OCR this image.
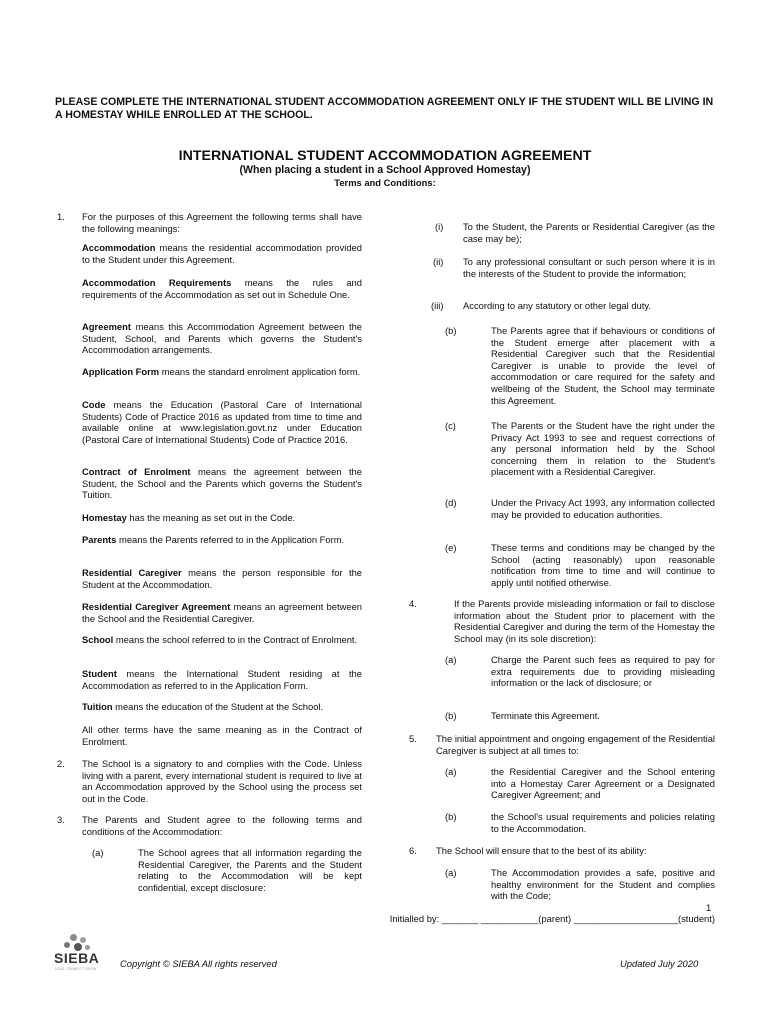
PLEASE COMPLETE THE INTERNATIONAL STUDENT ACCOMMODATION AGREEMENT ONLY IF THE STUDENT WILL BE LIVING IN A HOMESTAY WHILE ENROLLED AT THE SCHOOL.
INTERNATIONAL STUDENT ACCOMMODATION AGREEMENT
(When placing a student in a School Approved Homestay)
Terms and Conditions:
1. For the purposes of this Agreement the following terms shall have the following meanings:
Accommodation means the residential accommodation provided to the Student under this Agreement.
Accommodation Requirements means the rules and requirements of the Accommodation as set out in Schedule One.
Agreement means this Accommodation Agreement between the Student, School, and Parents which governs the Student's Accommodation arrangements.
Application Form means the standard enrolment application form.
Code means the Education (Pastoral Care of International Students) Code of Practice 2016 as updated from time to time and available online at www.legislation.govt.nz under Education (Pastoral Care of International Students) Code of Practice 2016.
Contract of Enrolment means the agreement between the Student, the School and the Parents which governs the Student's Tuition.
Homestay has the meaning as set out in the Code.
Parents means the Parents referred to in the Application Form.
Residential Caregiver means the person responsible for the Student at the Accommodation.
Residential Caregiver Agreement means an agreement between the School and the Residential Caregiver.
School means the school referred to in the Contract of Enrolment.
Student means the International Student residing at the Accommodation as referred to in the Application Form.
Tuition means the education of the Student at the School.
All other terms have the same meaning as in the Contract of Enrolment.
2. The School is a signatory to and complies with the Code. Unless living with a parent, every international student is required to live at an Accommodation approved by the School using the process set out in the Code.
3. The Parents and Student agree to the following terms and conditions of the Accommodation:
(a)	The School agrees that all information regarding the Residential Caregiver, the Parents and the Student relating to the Accommodation will be kept confidential, except disclosure:
(i) To the Student, the Parents or Residential Caregiver (as the case may be);
(ii) To any professional consultant or such person where it is in the interests of the Student to provide the information;
(iii) According to any statutory or other legal duty.
(b)	The Parents agree that if behaviours or conditions of the Student emerge after placement with a Residential Caregiver such that the Residential Caregiver is unable to provide the level of accommodation or care required for the safety and wellbeing of the Student, the School may terminate this Agreement.
(c)	The Parents or the Student have the right under the Privacy Act 1993 to see and request corrections of any personal information held by the School concerning them in relation to the Student's placement with a Residential Caregiver.
(d)	Under the Privacy Act 1993, any information collected may be provided to education authorities.
(e)	These terms and conditions may be changed by the School (acting reasonably) upon reasonable notification from time to time and will continue to apply until notified otherwise.
4.	If the Parents provide misleading information or fail to disclose information about the Student prior to placement with the Residential Caregiver and during the term of the Homestay the School may (in its sole discretion):
(a)	Charge the Parent such fees as required to pay for extra requirements due to providing misleading information or the lack of disclosure; or
(b)	Terminate this Agreement.
5. The initial appointment and ongoing engagement of the Residential Caregiver is subject at all times to:
(a)	the Residential Caregiver and the School entering into a Homestay Carer Agreement or a Designated Caregiver Agreement; and
(b)	the School's usual requirements and policies relating to the Accommodation.
6. The School will ensure that to the best of its ability:
(a)	The Accommodation provides a safe, positive and healthy environment for the Student and complies with the Code;
1
Initialled by: _______ ___________(parent) ____________________(student)
SIEBA
LEAD. CONNECT. GROW. Copyright © SIEBA All rights reserved	Updated July 2020
